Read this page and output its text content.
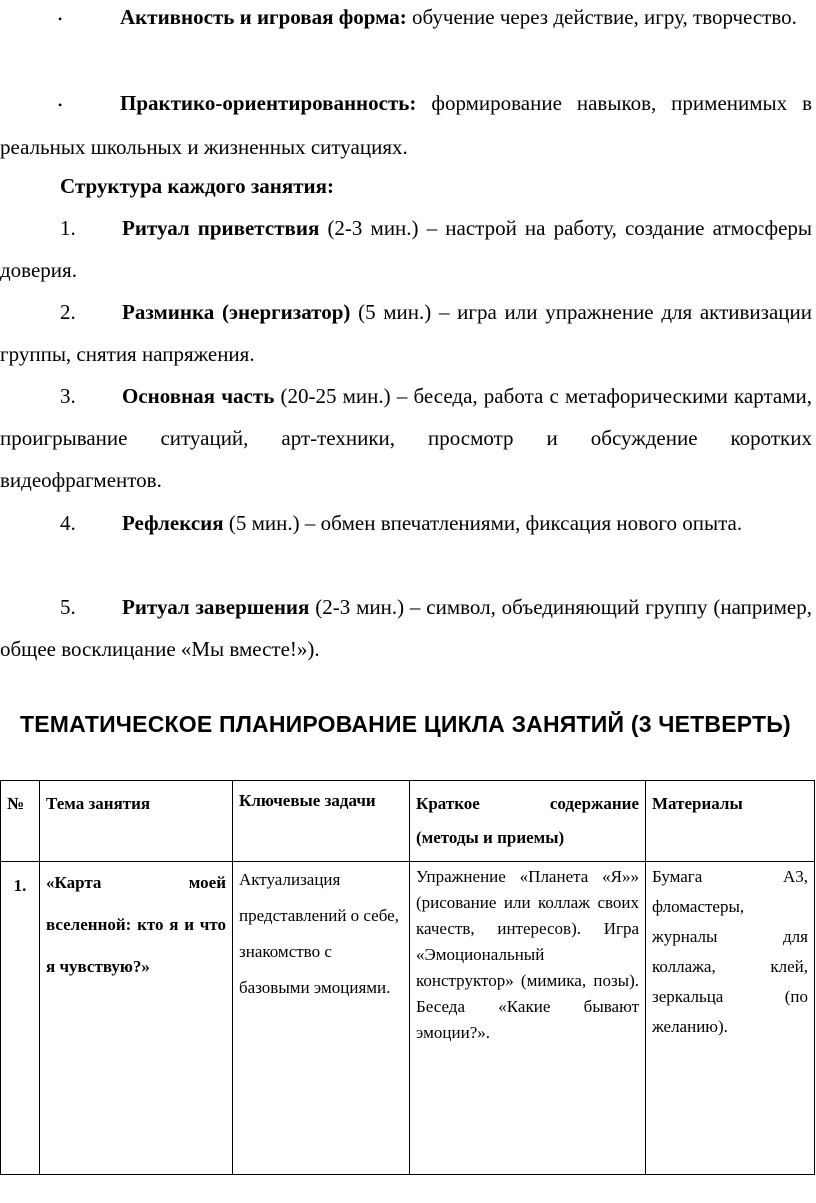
•	Активность и игровая форма: обучение через действие, игру, творчество.
•	Практико-ориентированность: формирование навыков, применимых в реальных школьных и жизненных ситуациях.
Структура каждого занятия:
1. Ритуал приветствия (2-3 мин.) – настрой на работу, создание атмосферы доверия.
2. Разминка (энергизатор) (5 мин.) – игра или упражнение для активизации группы, снятия напряжения.
3. Основная часть (20-25 мин.) – беседа, работа с метафорическими картами, проигрывание ситуаций, арт-техники, просмотр и обсуждение коротких видеофрагментов.
4. Рефлексия (5 мин.) – обмен впечатлениями, фиксация нового опыта.
5. Ритуал завершения (2-3 мин.) – символ, объединяющий группу (например, общее восклицание «Мы вместе!»).
ТЕМАТИЧЕСКОЕ ПЛАНИРОВАНИЕ ЦИКЛА ЗАНЯТИЙ (3 ЧЕТВЕРТЬ)
№	Тема занятия	Ключевые задачи	Краткое содержание (методы и приемы)	Материалы
1.	«Карта моей вселенной: кто я и что я чувствую?»	Актуализация представлений о себе, знакомство с базовыми эмоциями.	Упражнение «Планета «Я»» (рисование или коллаж своих качеств, интересов). Игра «Эмоциональный конструктор» (мимика, позы). Беседа «Какие бывают эмоции?».	Бумага А3, фломастеры, журналы для коллажа, клей, зеркальца (по желанию).
